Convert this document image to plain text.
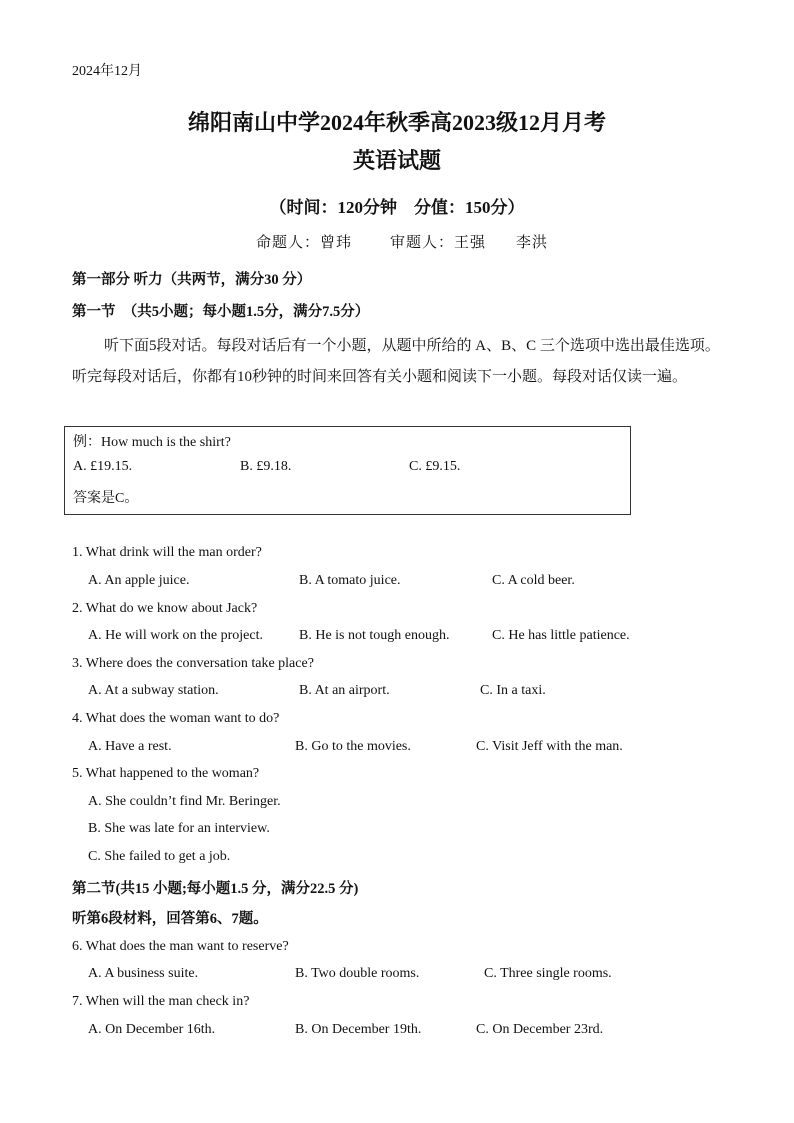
2024年12月
绵阳南山中学2024年秋季高2023级12月月考
英语试题
（时间：120分钟　分值：150分）
命题人：曾玮	审题人：王强 李洪
第一部分 听力（共两节，满分30 分）
第一节　（共5小题；每小题1.5分，满分7.5分）
听下面5段对话。每段对话后有一个小题，从题中所给的 A、B、C 三个选项中选出最佳选项。听完每段对话后，你都有10秒钟的时间来回答有关小题和阅读下一小题。每段对话仅读一遍。
例：How much is the shirt?
A. £19.15.	B. £9.18.	C. £9.15.
答案是C。
1. What drink will the man order?
A. An apple juice.	B. A tomato juice.	C. A cold beer.
2. What do we know about Jack?
A. He will work on the project.	B. He is not tough enough.	C. He has little patience.
3. Where does the conversation take place?
A. At a subway station.	B. At an airport.	C. In a taxi.
4. What does the woman want to do?
A. Have a rest.	B. Go to the movies.	C. Visit Jeff with the man.
5. What happened to the woman?
A. She couldn’t find Mr. Beringer.
B. She was late for an interview.
C. She failed to get a job.
第二节(共15 小题;每小题1.5 分，满分22.5 分)
听第6段材料，回答第6、7题。
6. What does the man want to reserve?
A. A business suite.	B. Two double rooms.	C. Three single rooms.
7. When will the man check in?
A. On December 16th.	B. On December 19th.	C. On December 23rd.
